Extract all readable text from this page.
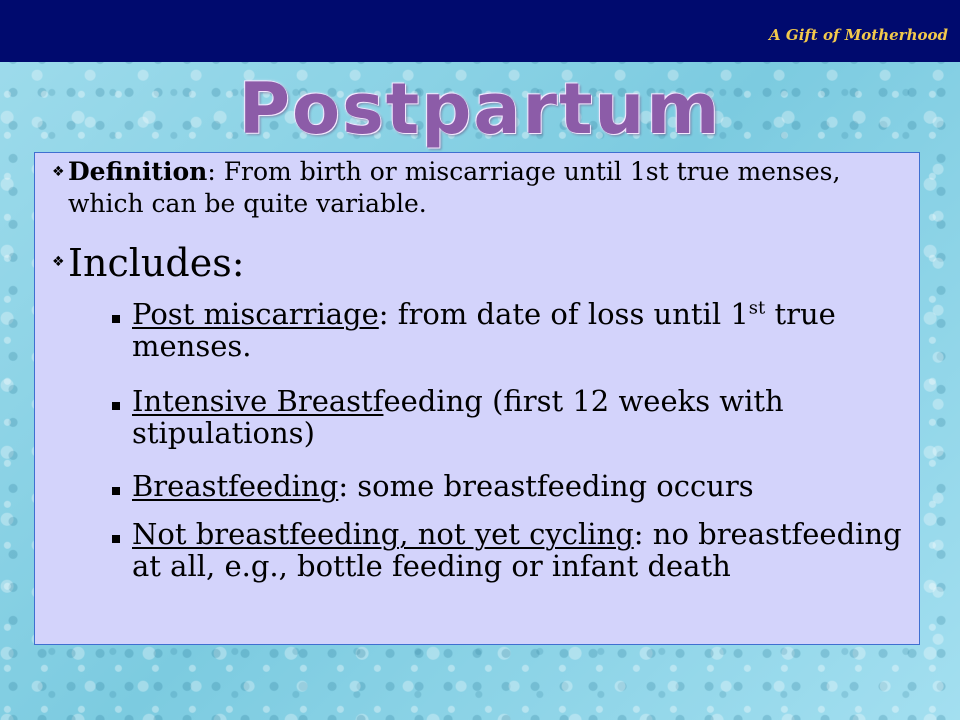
A Gift of Motherhood
Postpartum
❖ Definition: From birth or miscarriage until 1st true menses, which can be quite variable.
❖ Includes:
Post miscarriage: from date of loss until 1st true menses.
Intensive Breastfeeding (first 12 weeks with stipulations)
Breastfeeding: some breastfeeding occurs
Not breastfeeding, not yet cycling: no breastfeeding at all, e.g., bottle feeding or infant death
